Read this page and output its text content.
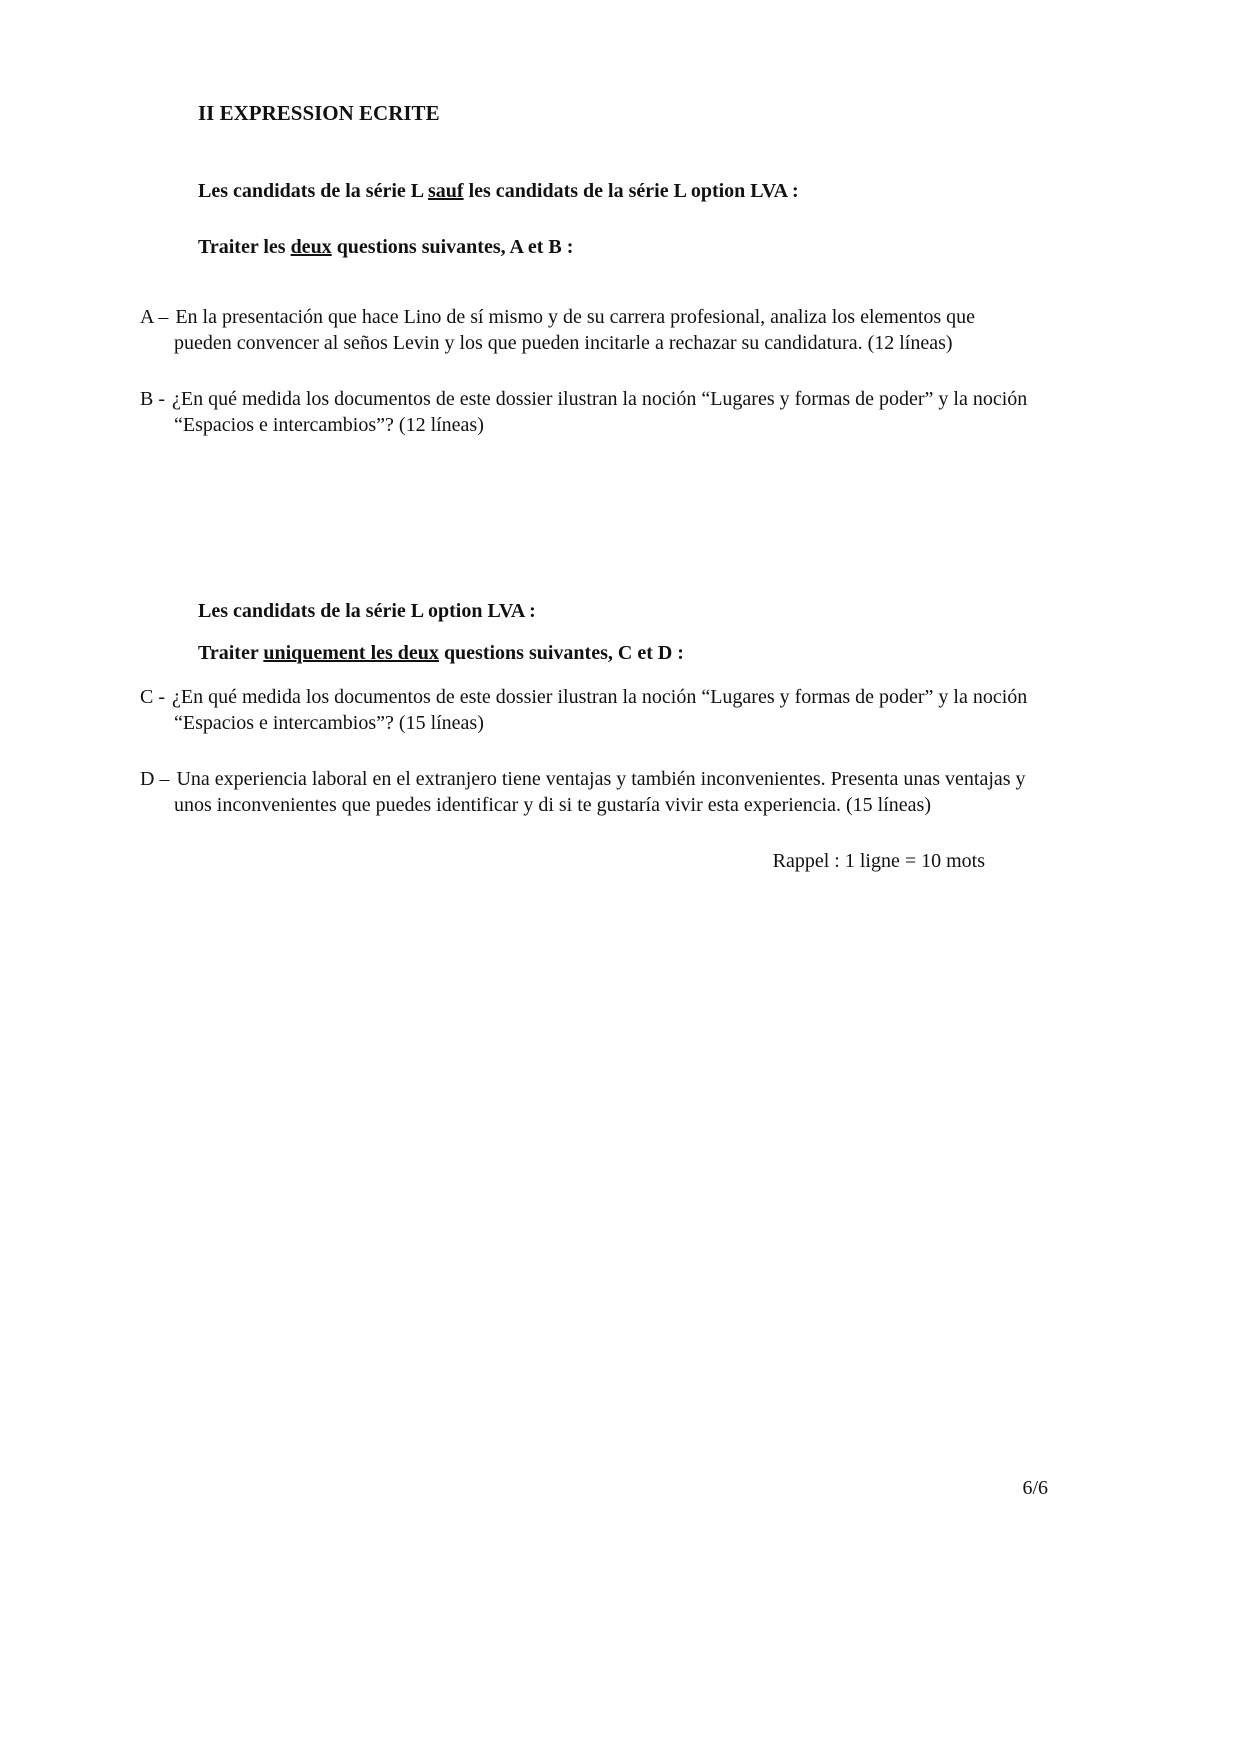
II EXPRESSION ECRITE

Les candidats de la série L sauf les candidats de la série L option LVA :

Traiter les deux questions suivantes, A et B :

A – En la presentación que hace Lino de sí mismo y de su carrera profesional, analiza los elementos que pueden convencer al seños Levin y los que pueden incitarle a rechazar su candidatura. (12 líneas)

B - ¿En qué medida los documentos de este dossier ilustran la noción “Lugares y formas de poder” y la noción “Espacios e intercambios”? (12 líneas)

Les candidats de la série L option LVA :

Traiter uniquement les deux questions suivantes, C et D :

C - ¿En qué medida los documentos de este dossier ilustran la noción “Lugares y formas de poder” y la noción “Espacios e intercambios”? (15 líneas)

D – Una experiencia laboral en el extranjero tiene ventajas y también inconvenientes. Presenta unas ventajas y unos inconvenientes que puedes identificar y di si te gustaría vivir esta experiencia. (15 líneas)

Rappel : 1 ligne = 10 mots

6/6
